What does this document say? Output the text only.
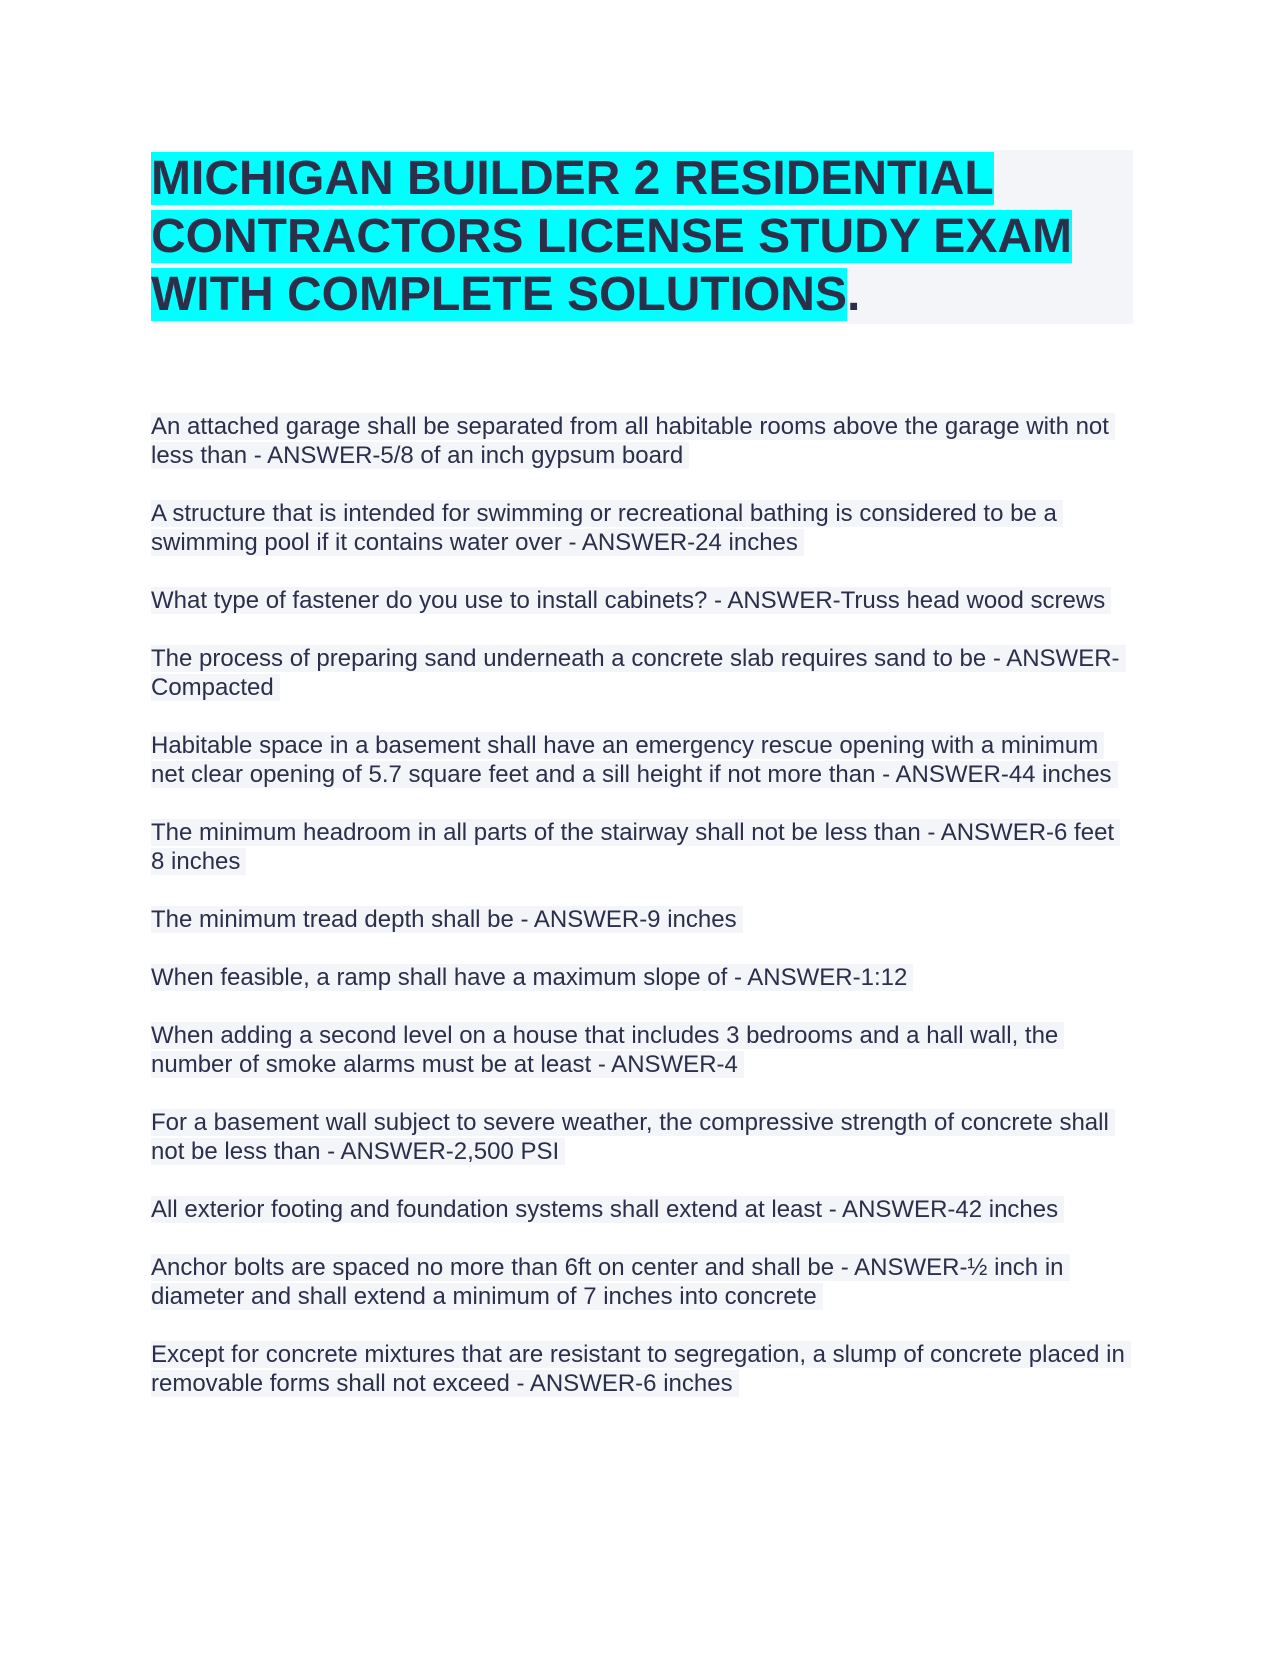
MICHIGAN BUILDER 2 RESIDENTIAL CONTRACTORS LICENSE STUDY EXAM WITH COMPLETE SOLUTIONS.
An attached garage shall be separated from all habitable rooms above the garage with not less than - ANSWER-5/8 of an inch gypsum board
A structure that is intended for swimming or recreational bathing is considered to be a swimming pool if it contains water over - ANSWER-24 inches
What type of fastener do you use to install cabinets? - ANSWER-Truss head wood screws
The process of preparing sand underneath a concrete slab requires sand to be - ANSWER-Compacted
Habitable space in a basement shall have an emergency rescue opening with a minimum net clear opening of 5.7 square feet and a sill height if not more than - ANSWER-44 inches
The minimum headroom in all parts of the stairway shall not be less than - ANSWER-6 feet 8 inches
The minimum tread depth shall be - ANSWER-9 inches
When feasible, a ramp shall have a maximum slope of - ANSWER-1:12
When adding a second level on a house that includes 3 bedrooms and a hall wall, the number of smoke alarms must be at least - ANSWER-4
For a basement wall subject to severe weather, the compressive strength of concrete shall not be less than - ANSWER-2,500 PSI
All exterior footing and foundation systems shall extend at least - ANSWER-42 inches
Anchor bolts are spaced no more than 6ft on center and shall be - ANSWER-½ inch in diameter and shall extend a minimum of 7 inches into concrete
Except for concrete mixtures that are resistant to segregation, a slump of concrete placed in removable forms shall not exceed - ANSWER-6 inches
